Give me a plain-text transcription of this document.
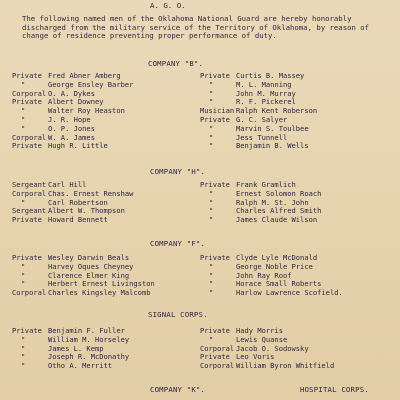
A. G. O.
The following named men of the Oklahoma National Guard are hereby honorably discharged from the military service of the Territory of Oklahoma, by reason of change of residence preventing proper performance of duty.
COMPANY "B".
Private Fred Abner Amberg
"	George Ensley Barber
Corporal O. A. Dykes
Private Albert Downey
"	Walter Roy Heaston
"	J. R. Hope
"	O. P. Jones
Corporal W. A. James
Private Hugh R. Little
Private Curtis B. Massey
"	M. L. Manning
"	John M. Murray
"	R. F. Pickerel
Musician Ralph Kent Roberson
Private G. C. Salyer
"	Marvin S. Toulbee
"	Jess Tunnell
"	Benjamin B. Wells
COMPANY "H".
Sergeant Carl Hill
Corporal Chas. Ernest Renshaw
"	Carl Robertson
Sergeant Albert W. Thompson
Private Howard Bennett
Private Frank Gramlich
"	Ernest Solomon Roach
"	Ralph M. St. John
"	Charles Alfred Smith
"	James Claude Wilson
COMPANY "F".
Private Wesley Darwin Beals
"	Harvey Oques Cheyney
"	Clarence Elmer King
"	Herbert Ernest Livingston
Corporal Charles Kingsley Malcomb
Private Clyde Lyle McDonald
"	George Noble Price
"	John Ray Roof
"	Horace Small Roberts
"	Harlow Lawrence Scofield.
SIGNAL CORPS.
Private Benjamin F. Fuller
"	William M. Horseley
"	James L. Kemp
"	Joseph R. McDonathy
"	Otho A. Merritt
Private Hady Morris
"	Lewis Quanse
Corporal Jacob O. Sodowsky
Private Leo Voris
Corporal William Byron Whitfield
COMPANY "K".	HOSPITAL CORPS.
